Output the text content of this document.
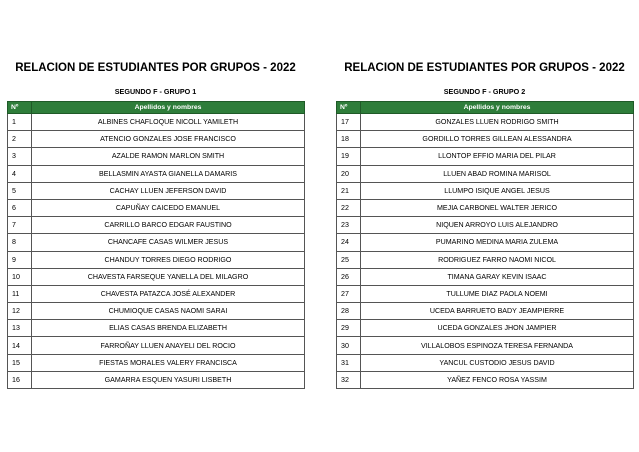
RELACION DE ESTUDIANTES POR GRUPOS - 2022
SEGUNDO F - GRUPO 1
Nº	Apellidos y nombres
1	ALBINES CHAFLOQUE NICOLL YAMILETH
2	ATENCIO GONZALES JOSE FRANCISCO
3	AZALDE RAMON MARLON SMITH
4	BELLASMIN AYASTA GIANELLA DAMARIS
5	CACHAY LLUEN JEFERSON DAVID
6	CAPUÑAY CAICEDO EMANUEL
7	CARRILLO BARCO EDGAR FAUSTINO
8	CHANCAFE CASAS WILMER JESUS
9	CHANDUY TORRES DIEGO RODRIGO
10	CHAVESTA FARSEQUE YANELLA DEL MILAGRO
11	CHAVESTA PATAZCA JOSÉ ALEXANDER
12	CHUMIOQUE CASAS NAOMI SARAI
13	ELIAS CASAS BRENDA ELIZABETH
14	FARROÑAY LLUEN ANAYELI DEL ROCIO
15	FIESTAS MORALES VALERY FRANCISCA
16	GAMARRA ESQUEN YASURI LISBETH
RELACION DE ESTUDIANTES POR GRUPOS - 2022
SEGUNDO F - GRUPO 2
Nº	Apellidos y nombres
17	GONZALES LLUEN RODRIGO SMITH
18	GORDILLO TORRES GILLEAN ALESSANDRA
19	LLONTOP EFFIO MARIA DEL PILAR
20	LLUEN ABAD ROMINA MARISOL
21	LLUMPO ISIQUE ANGEL JESUS
22	MEJIA CARBONEL WALTER JERICO
23	NIQUEN ARROYO LUIS ALEJANDRO
24	PUMARINO MEDINA MARIA ZULEMA
25	RODRIGUEZ FARRO NAOMI NICOL
26	TIMANA GARAY KEVIN ISAAC
27	TULLUME DIAZ PAOLA NOEMI
28	UCEDA BARRUETO BADY JEAMPIERRE
29	UCEDA GONZALES JHON JAMPIER
30	VILLALOBOS ESPINOZA TERESA FERNANDA
31	YANCUL CUSTODIO JESUS DAVID
32	YAÑEZ FENCO ROSA YASSIM
